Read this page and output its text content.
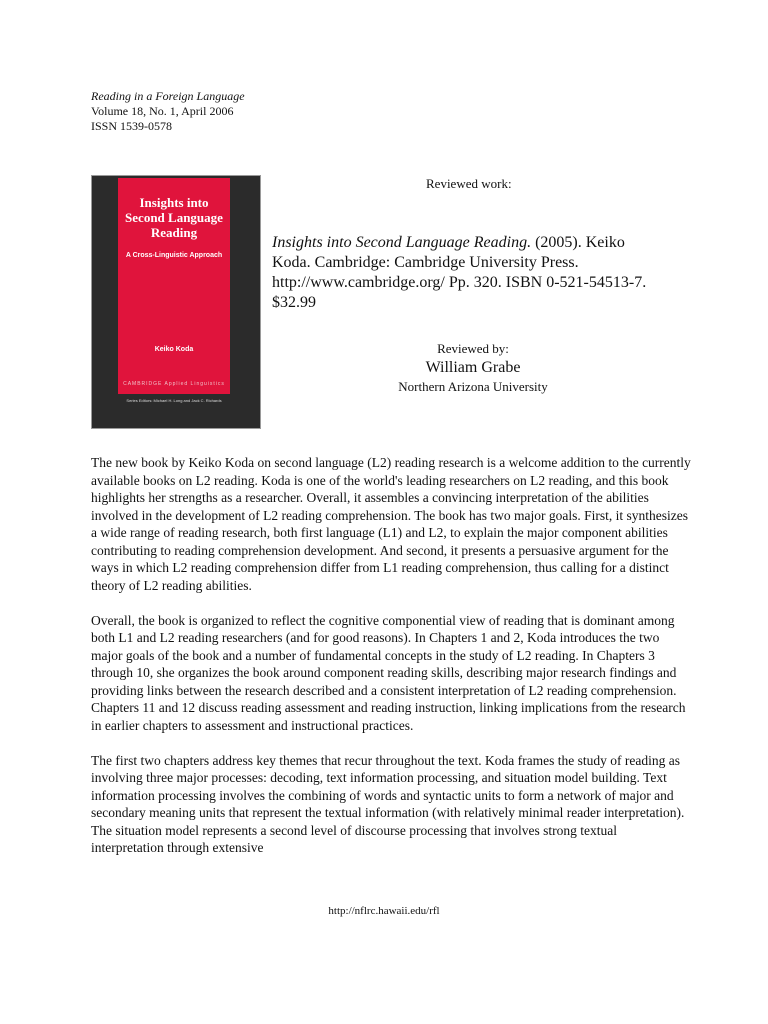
Reading in a Foreign Language
Volume 18, No. 1, April 2006
ISSN 1539-0578
Insights into Second Language Reading
A Cross-Linguistic Approach
Keiko Koda
CAMBRIDGE Applied Linguistics
Series Editors: Michael H. Long and Jack C. Richards
Reviewed work:
Insights into Second Language Reading. (2005). Keiko Koda. Cambridge: Cambridge University Press. http://www.cambridge.org/ Pp. 320. ISBN 0-521-54513-7. $32.99
Reviewed by:
William Grabe
Northern Arizona University

The new book by Keiko Koda on second language (L2) reading research is a welcome addition to the currently available books on L2 reading. Koda is one of the world's leading researchers on L2 reading, and this book highlights her strengths as a researcher. Overall, it assembles a convincing interpretation of the abilities involved in the development of L2 reading comprehension. The book has two major goals. First, it synthesizes a wide range of reading research, both first language (L1) and L2, to explain the major component abilities contributing to reading comprehension development. And second, it presents a persuasive argument for the ways in which L2 reading comprehension differ from L1 reading comprehension, thus calling for a distinct theory of L2 reading abilities.

Overall, the book is organized to reflect the cognitive componential view of reading that is dominant among both L1 and L2 reading researchers (and for good reasons). In Chapters 1 and 2, Koda introduces the two major goals of the book and a number of fundamental concepts in the study of L2 reading. In Chapters 3 through 10, she organizes the book around component reading skills, describing major research findings and providing links between the research described and a consistent interpretation of L2 reading comprehension. Chapters 11 and 12 discuss reading assessment and reading instruction, linking implications from the research in earlier chapters to assessment and instructional practices.

The first two chapters address key themes that recur throughout the text. Koda frames the study of reading as involving three major processes: decoding, text information processing, and situation model building. Text information processing involves the combining of words and syntactic units to form a network of major and secondary meaning units that represent the textual information (with relatively minimal reader interpretation). The situation model represents a second level of discourse processing that involves strong textual interpretation through extensive

http://nflrc.hawaii.edu/rfl
